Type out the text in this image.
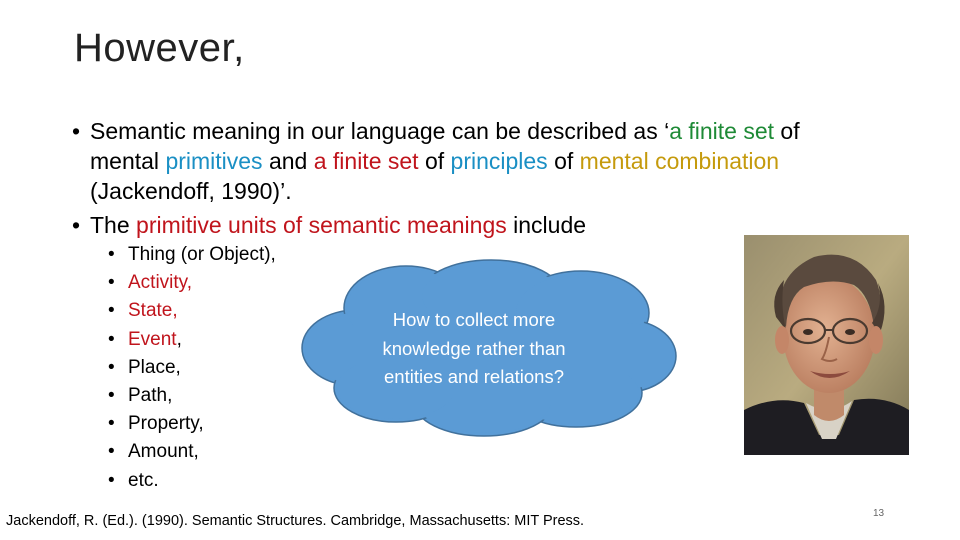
However,
• Semantic meaning in our language can be described as ‘a finite set of
mental primitives and a finite set of principles of mental combination
(Jackendoff, 1990)’.
• The primitive units of semantic meanings include
• Thing (or Object),
• Activity,
• State,
• Event,
• Place,
• Path,
• Property,
• Amount,
• etc.
How to collect more
knowledge rather than
entities and relations?
Jackendoff, R. (Ed.). (1990). Semantic Structures. Cambridge, Massachusetts: MIT Press.	13
